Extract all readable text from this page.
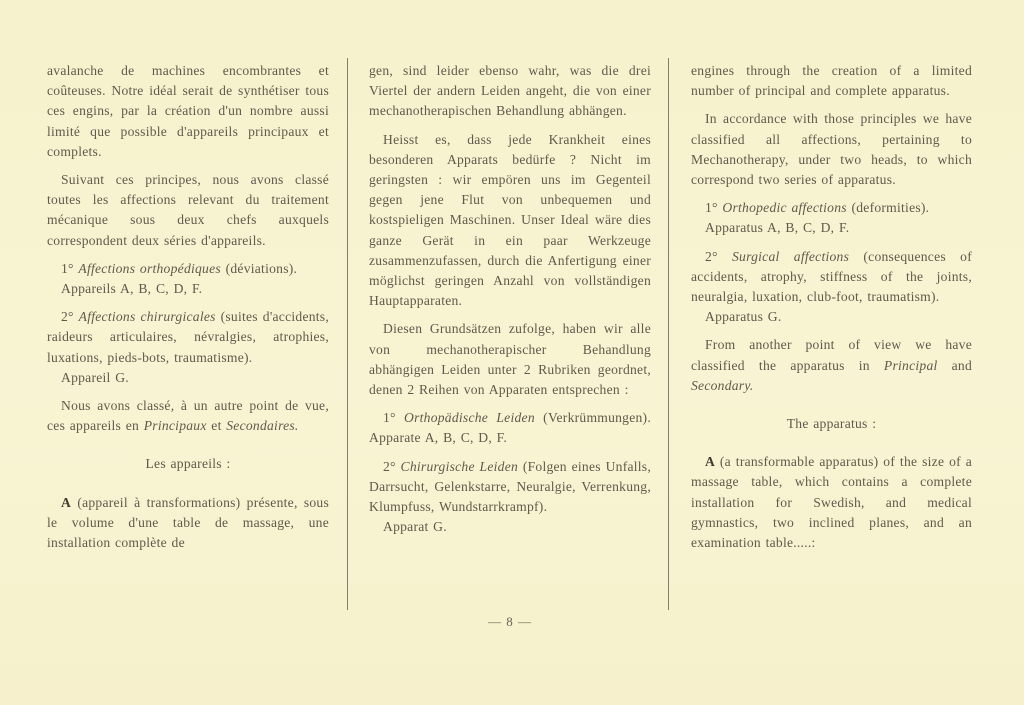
avalanche de machines encombrantes et coûteuses. Notre idéal serait de synthétiser tous ces engins, par la création d'un nombre aussi limité que possible d'appareils principaux et complets.

Suivant ces principes, nous avons classé toutes les affections relevant du traitement mécanique sous deux chefs auxquels correspondent deux séries d'appareils.

1° Affections orthopédiques (déviations).

Appareils A, B, C, D, F.

2° Affections chirurgicales (suites d'accidents, raideurs articulaires, névralgies, atrophies, luxations, pieds-bots, traumatisme).

Appareil G.

Nous avons classé, à un autre point de vue, ces appareils en Principaux et Secondaires.

Les appareils :

A (appareil à transformations) présente, sous le volume d'une table de massage, une installation complète de

gen, sind leider ebenso wahr, was die drei Viertel der andern Leiden angeht, die von einer mechanotherapischen Behandlung abhängen.

Heisst es, dass jede Krankheit eines besonderen Apparats bedürfe ? Nicht im geringsten : wir empören uns im Gegenteil gegen jene Flut von unbequemen und kostspieligen Maschinen. Unser Ideal wäre dies ganze Gerät in ein paar Werkzeuge zusammenzufassen, durch die Anfertigung einer möglichst geringen Anzahl von vollständigen Hauptapparaten.

Diesen Grundsätzen zufolge, haben wir alle von mechanotherapischer Behandlung abhängigen Leiden unter 2 Rubriken geordnet, denen 2 Reihen von Apparaten entsprechen :

1° Orthopädische Leiden (Verkrümmungen). Apparate A, B, C, D, F.

2° Chirurgische Leiden (Folgen eines Unfalls, Darrsucht, Gelenkstarre, Neuralgie, Verrenkung, Klumpfuss, Wundstarrkrampf).

Apparat G.

engines through the creation of a limited number of principal and complete apparatus.

In accordance with those principles we have classified all affections, pertaining to Mechanotherapy, under two heads, to which correspond two series of apparatus.

1° Orthopedic affections (deformities).

Apparatus A, B, C, D, F.

2° Surgical affections (consequences of accidents, atrophy, stiffness of the joints, neuralgia, luxation, club-foot, traumatism).

Apparatus G.

From another point of view we have classified the apparatus in Principal and Secondary.

The apparatus :

A (a transformable apparatus) of the size of a massage table, which contains a complete installation for Swedish, and medical gymnastics, two inclined planes, and an examination table.....:

— 8 —
